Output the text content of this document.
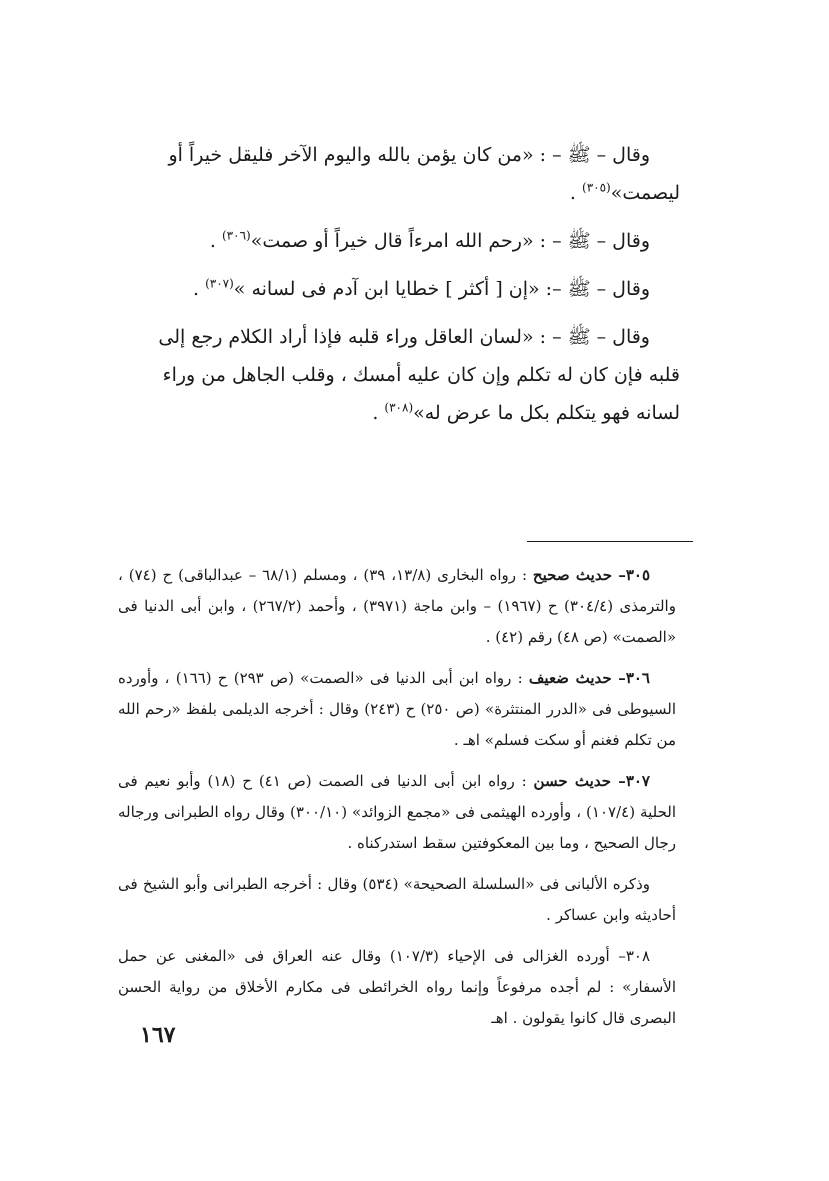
وقال – ﷺ – : «من كان يؤمن بالله واليوم الآخر فليقل خيراً أو ليصمت»$^{(٣٠٥)}$ .

وقال – ﷺ – : «رحم الله امرءاً قال خيراً أو صمت»$^{(٣٠٦)}$ .

وقال – ﷺ –: «إن [ أكثر ] خطايا ابن آدم فى لسانه »$^{(٣٠٧)}$ .

وقال – ﷺ – : «لسان العاقل وراء قلبه فإذا أراد الكلام رجع إلى قلبه فإن كان له تكلم وإن كان عليه أمسك ، وقلب الجاهل من وراء لسانه فهو يتكلم بكل ما عرض له»$^{(٣٠٨)}$ .

٣٠٥– حديث صحيح : رواه البخارى (١٣/٨، ٣٩) ، ومسلم (٦٨/١ – عبدالباقى) ح (٧٤) ، والترمذى (٣٠٤/٤) ح (١٩٦٧) – وابن ماجة (٣٩٧١) ، وأحمد (٢٦٧/٢) ، وابن أبى الدنيا فى «الصمت» (ص ٤٨) رقم (٤٢) .

٣٠٦– حديث ضعيف : رواه ابن أبى الدنيا فى «الصمت» (ص ٢٩٣) ح (١٦٦) ، وأورده السيوطى فى «الدرر المنتثرة» (ص ٢٥٠) ح (٢٤٣) وقال : أخرجه الديلمى بلفظ «رحم الله من تكلم فغنم أو سكت فسلم» اهـ .

٣٠٧– حديث حسن : رواه ابن أبى الدنيا فى الصمت (ص ٤١) ح (١٨) وأبو نعيم فى الحلية (١٠٧/٤) ، وأورده الهيثمى فى «مجمع الزوائد» (٣٠٠/١٠) وقال رواه الطبرانى ورجاله رجال الصحيح ، وما بين المعكوفتين سقط استدركناه .

وذكره الألبانى فى «السلسلة الصحيحة» (٥٣٤) وقال : أخرجه الطبرانى وأبو الشيخ فى أحاديثه وابن عساكر .

٣٠٨– أورده الغزالى فى الإحياء (١٠٧/٣) وقال عنه العراق فى «المغنى عن حمل الأسفار» : لم أجده مرفوعاً وإنما رواه الخرائطى فى مكارم الأخلاق من رواية الحسن البصرى قال كانوا يقولون . اهـ

١٦٧
